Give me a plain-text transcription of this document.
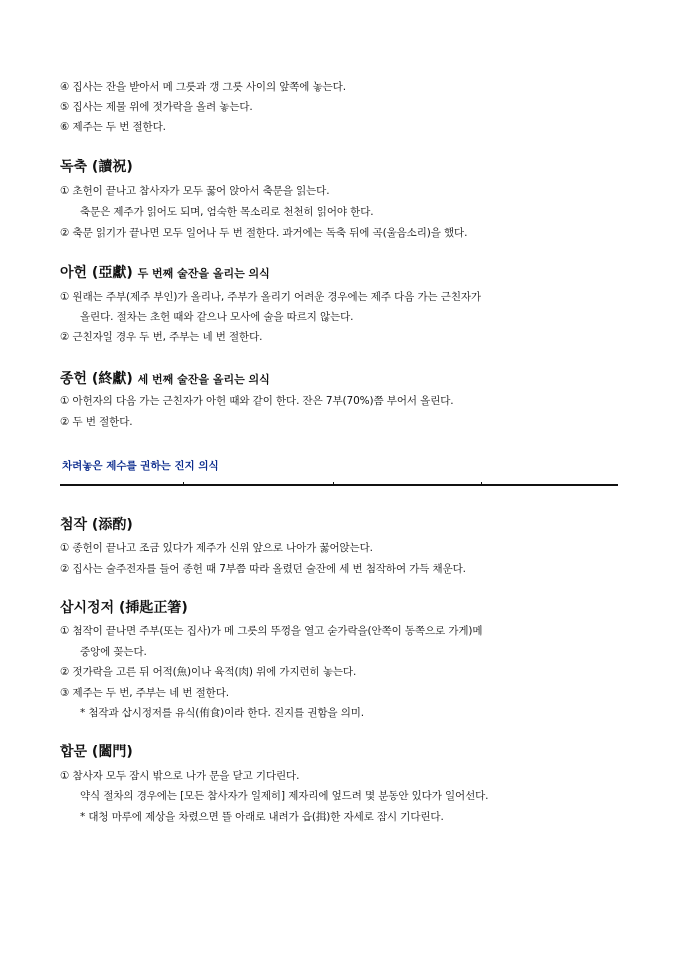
④ 집사는 잔을 받아서 메 그릇과 갱 그릇 사이의 앞쪽에 놓는다.
⑤ 집사는 제물 위에 젓가락을 올려 놓는다.
⑥ 제주는 두 번 절한다.
독축 (讀祝)
① 초헌이 끝나고 참사자가 모두 꿇어 앉아서 축문을 읽는다.
축문은 제주가 읽어도 되며, 엄숙한 목소리로 천천히 읽어야 한다.
② 축문 읽기가 끝나면 모두 일어나 두 번 절한다. 과거에는 독축 뒤에 곡(울음소리)을 했다.
아헌 (亞獻) 두 번째 술잔을 올리는 의식
① 원래는 주부(제주 부인)가 올리나, 주부가 올리기 어려운 경우에는 제주 다음 가는 근친자가
올린다. 절차는 초헌 때와 같으나 모사에 술을 따르지 않는다.
② 근친자일 경우 두 번, 주부는 네 번 절한다.
종헌 (終獻) 세 번째 술잔을 올리는 의식
① 아헌자의 다음 가는 근친자가 아헌 때와 같이 한다. 잔은 7부(70%)쯤 부어서 올린다.
② 두 번 절한다.
차려놓은 제수를 권하는 진지 의식
첨작 (添酌)
① 종헌이 끝나고 조금 있다가 제주가 신위 앞으로 나아가 꿇어앉는다.
② 집사는 술주전자를 들어 종헌 때 7부쯤 따라 올렸던 술잔에 세 번 첨작하여 가득 채운다.
삽시정저 (揷匙正箸)
① 첨작이 끝나면 주부(또는 집사)가 메 그릇의 뚜껑을 열고 숟가락을(안쪽이 동쪽으로 가게)메
중앙에 꽂는다.
② 젓가락을 고른 뒤 어적(魚)이나 육적(肉) 위에 가지런히 놓는다.
③ 제주는 두 번, 주부는 네 번 절한다.
* 첨작과 삽시정저를 유식(侑食)이라 한다. 진지를 권함을 의미.
합문 (闔門)
① 참사자 모두 잠시 밖으로 나가 문을 닫고 기다린다.
약식 절차의 경우에는 [모든 참사자가 일제히] 제자리에 엎드려 몇 분동안 있다가 일어선다.
* 대청 마루에 제상을 차렸으면 뜰 아래로 내려가 읍(揖)한 자세로 잠시 기다린다.
